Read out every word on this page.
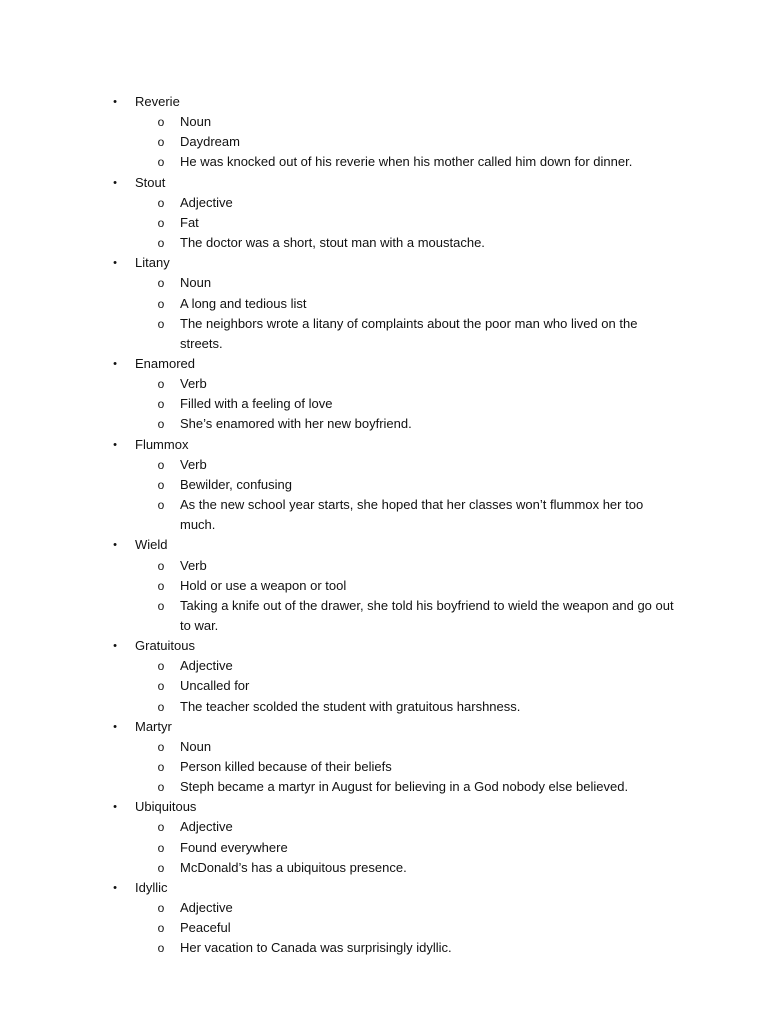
• Reverie
o Noun
o Daydream
o He was knocked out of his reverie when his mother called him down for dinner.
• Stout
o Adjective
o Fat
o The doctor was a short, stout man with a moustache.
• Litany
o Noun
o A long and tedious list
o The neighbors wrote a litany of complaints about the poor man who lived on the streets.
• Enamored
o Verb
o Filled with a feeling of love
o She’s enamored with her new boyfriend.
• Flummox
o Verb
o Bewilder, confusing
o As the new school year starts, she hoped that her classes won’t flummox her too much.
• Wield
o Verb
o Hold or use a weapon or tool
o Taking a knife out of the drawer, she told his boyfriend to wield the weapon and go out to war.
• Gratuitous
o Adjective
o Uncalled for
o The teacher scolded the student with gratuitous harshness.
• Martyr
o Noun
o Person killed because of their beliefs
o Steph became a martyr in August for believing in a God nobody else believed.
• Ubiquitous
o Adjective
o Found everywhere
o McDonald’s has a ubiquitous presence.
• Idyllic
o Adjective
o Peaceful
o Her vacation to Canada was surprisingly idyllic.
